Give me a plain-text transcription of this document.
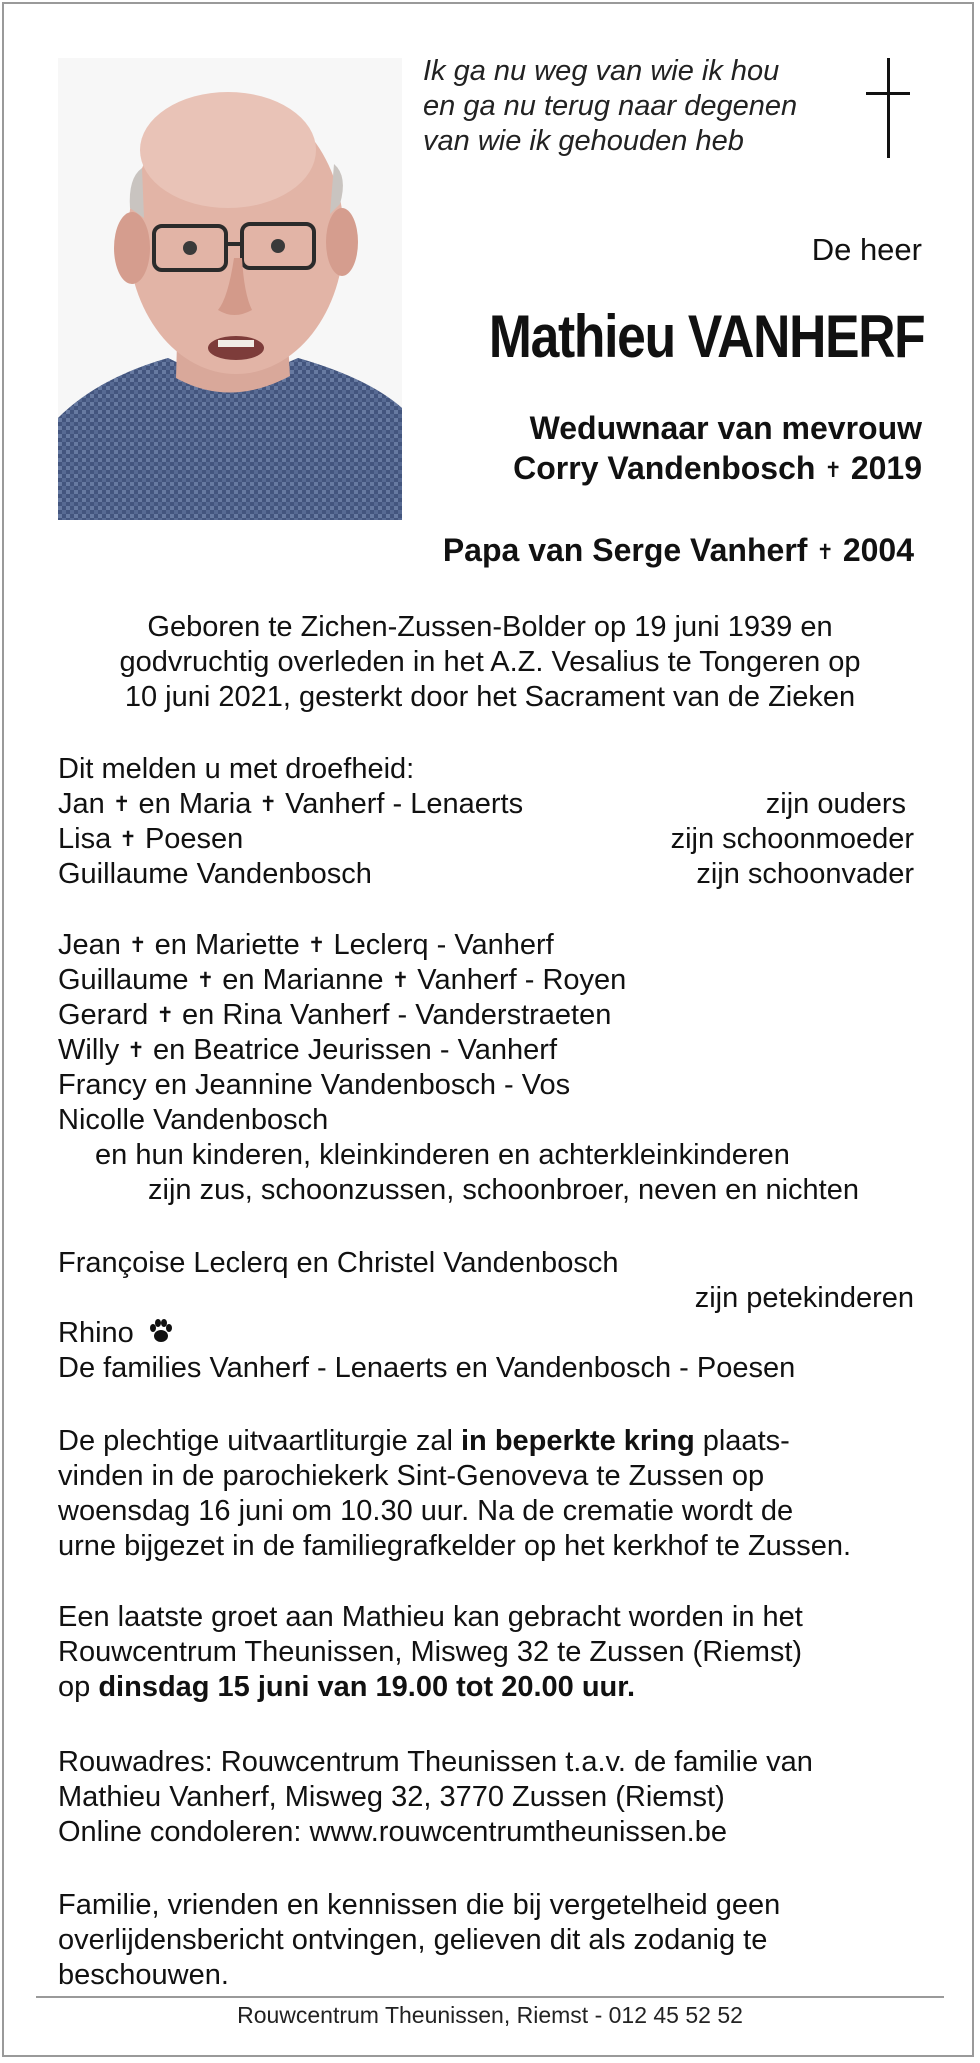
Ik ga nu weg van wie ik hou
en ga nu terug naar degenen
van wie ik gehouden heb
De heer
Mathieu VANHERF
Weduwnaar van mevrouw
Corry Vandenbosch ✝ 2019
Papa van Serge Vanherf ✝ 2004
Geboren te Zichen-Zussen-Bolder op 19 juni 1939 en
godvruchtig overleden in het A.Z. Vesalius te Tongeren op
10 juni 2021, gesterkt door het Sacrament van de Zieken
Dit melden u met droefheid:
Jan ✝ en Maria ✝ Vanherf - Lenaerts	zijn ouders
Lisa ✝ Poesen	zijn schoonmoeder
Guillaume Vandenbosch	zijn schoonvader
Jean ✝ en Mariette ✝ Leclerq - Vanherf
Guillaume ✝ en Marianne ✝ Vanherf - Royen
Gerard ✝ en Rina Vanherf - Vanderstraeten
Willy ✝ en Beatrice Jeurissen - Vanherf
Francy en Jeannine Vandenbosch - Vos
Nicolle Vandenbosch
en hun kinderen, kleinkinderen en achterkleinkinderen
zijn zus, schoonzussen, schoonbroer, neven en nichten
Françoise Leclerq en Christel Vandenbosch
zijn petekinderen
Rhino
De families Vanherf - Lenaerts en Vandenbosch - Poesen
De plechtige uitvaartliturgie zal in beperkte kring plaats-
vinden in de parochiekerk Sint-Genoveva te Zussen op
woensdag 16 juni om 10.30 uur. Na de crematie wordt de
urne bijgezet in de familiegrafkelder op het kerkhof te Zussen.
Een laatste groet aan Mathieu kan gebracht worden in het
Rouwcentrum Theunissen, Misweg 32 te Zussen (Riemst)
op dinsdag 15 juni van 19.00 tot 20.00 uur.
Rouwadres: Rouwcentrum Theunissen t.a.v. de familie van
Mathieu Vanherf, Misweg 32, 3770 Zussen (Riemst)
Online condoleren: www.rouwcentrumtheunissen.be
Familie, vrienden en kennissen die bij vergetelheid geen
overlijdensbericht ontvingen, gelieven dit als zodanig te
beschouwen.
Rouwcentrum Theunissen, Riemst - 012 45 52 52
